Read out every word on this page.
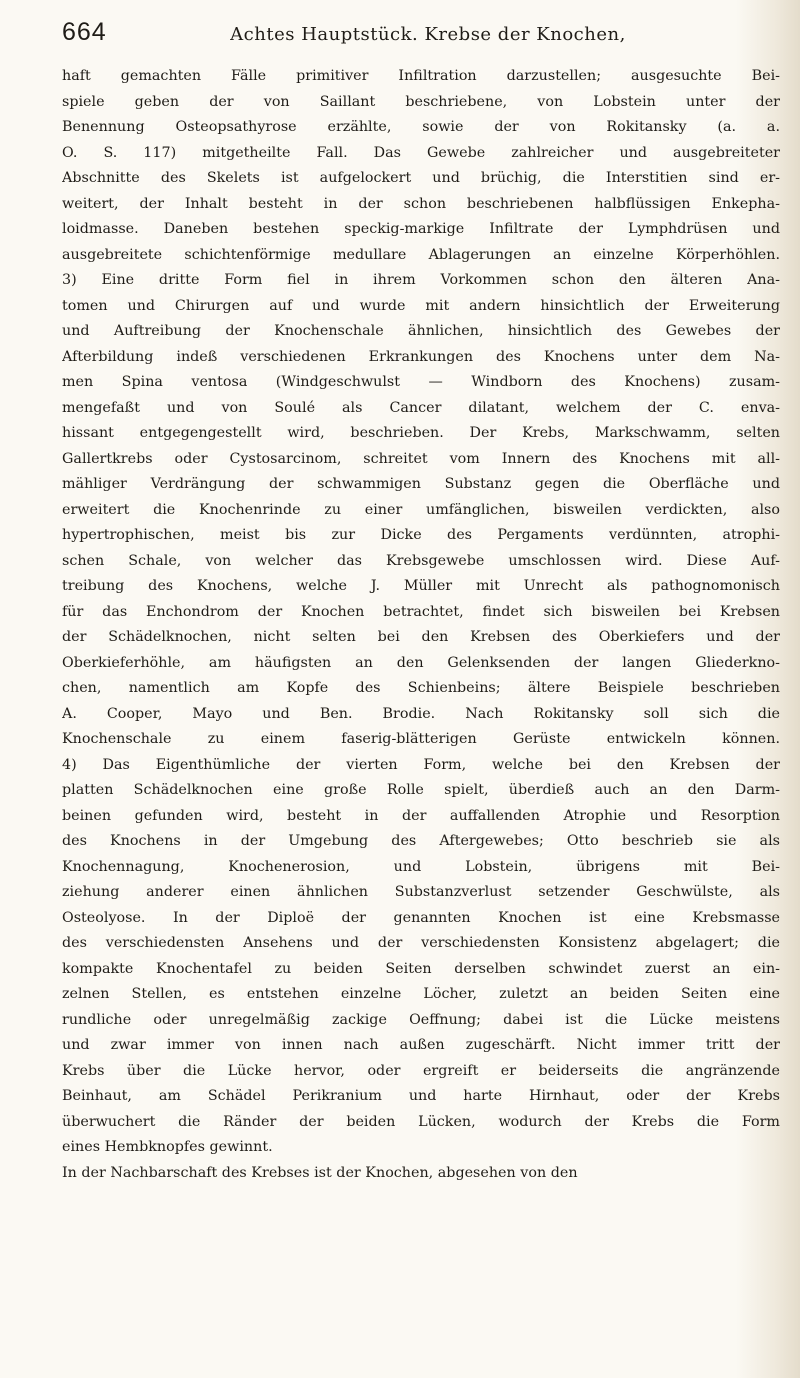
664	Achtes Hauptstück. Krebse der Knochen,
haft gemachten Fälle primitiver Infiltration darzustellen; ausgesuchte Bei-
spiele geben der von Saillant beschriebene, von Lobstein unter der
Benennung Osteopsathyrose erzählte, sowie der von Rokitansky (a. a.
O. S. 117) mitgetheilte Fall. Das Gewebe zahlreicher und ausgebreiteter
Abschnitte des Skelets ist aufgelockert und brüchig, die Interstitien sind er-
weitert, der Inhalt besteht in der schon beschriebenen halbflüssigen Enkepha-
loidmasse. Daneben bestehen speckig-markige Infiltrate der Lymphdrüsen und
ausgebreitete schichtenförmige medullare Ablagerungen an einzelne Körperhöhlen.
3) Eine dritte Form fiel in ihrem Vorkommen schon den älteren Ana-
tomen und Chirurgen auf und wurde mit andern hinsichtlich der Erweiterung
und Auftreibung der Knochenschale ähnlichen, hinsichtlich des Gewebes der
Afterbildung indeß verschiedenen Erkrankungen des Knochens unter dem Na-
men Spina ventosa (Windgeschwulst — Windborn des Knochens) zusam-
mengefaßt und von Soulé als Cancer dilatant, welchem der C. enva-
hissant entgegengestellt wird, beschrieben. Der Krebs, Markschwamm, selten
Gallertkrebs oder Cystosarcinom, schreitet vom Innern des Knochens mit all-
mähliger Verdrängung der schwammigen Substanz gegen die Oberfläche und
erweitert die Knochenrinde zu einer umfänglichen, bisweilen verdickten, also
hypertrophischen, meist bis zur Dicke des Pergaments verdünnten, atrophi-
schen Schale, von welcher das Krebsgewebe umschlossen wird. Diese Auf-
treibung des Knochens, welche J. Müller mit Unrecht als pathognomonisch
für das Enchondrom der Knochen betrachtet, findet sich bisweilen bei Krebsen
der Schädelknochen, nicht selten bei den Krebsen des Oberkiefers und der
Oberkieferhöhle, am häufigsten an den Gelenksenden der langen Gliederkno-
chen, namentlich am Kopfe des Schienbeins; ältere Beispiele beschrieben
A. Cooper, Mayo und Ben. Brodie. Nach Rokitansky soll sich die
Knochenschale zu einem faserig-blätterigen Gerüste entwickeln können.
4) Das Eigenthümliche der vierten Form, welche bei den Krebsen der
platten Schädelknochen eine große Rolle spielt, überdieß auch an den Darm-
beinen gefunden wird, besteht in der auffallenden Atrophie und Resorption
des Knochens in der Umgebung des Aftergewebes; Otto beschrieb sie als
Knochennagung, Knochenerosion, und Lobstein, übrigens mit Bei-
ziehung anderer einen ähnlichen Substanzverlust setzender Geschwülste, als
Osteolyose. In der Diploë der genannten Knochen ist eine Krebsmasse
des verschiedensten Ansehens und der verschiedensten Konsistenz abgelagert; die
kompakte Knochentafel zu beiden Seiten derselben schwindet zuerst an ein-
zelnen Stellen, es entstehen einzelne Löcher, zuletzt an beiden Seiten eine
rundliche oder unregelmäßig zackige Oeffnung; dabei ist die Lücke meistens
und zwar immer von innen nach außen zugeschärft. Nicht immer tritt der
Krebs über die Lücke hervor, oder ergreift er beiderseits die angränzende
Beinhaut, am Schädel Perikranium und harte Hirnhaut, oder der Krebs
überwuchert die Ränder der beiden Lücken, wodurch der Krebs die Form
eines Hembknopfes gewinnt.
In der Nachbarschaft des Krebses ist der Knochen, abgesehen von den
